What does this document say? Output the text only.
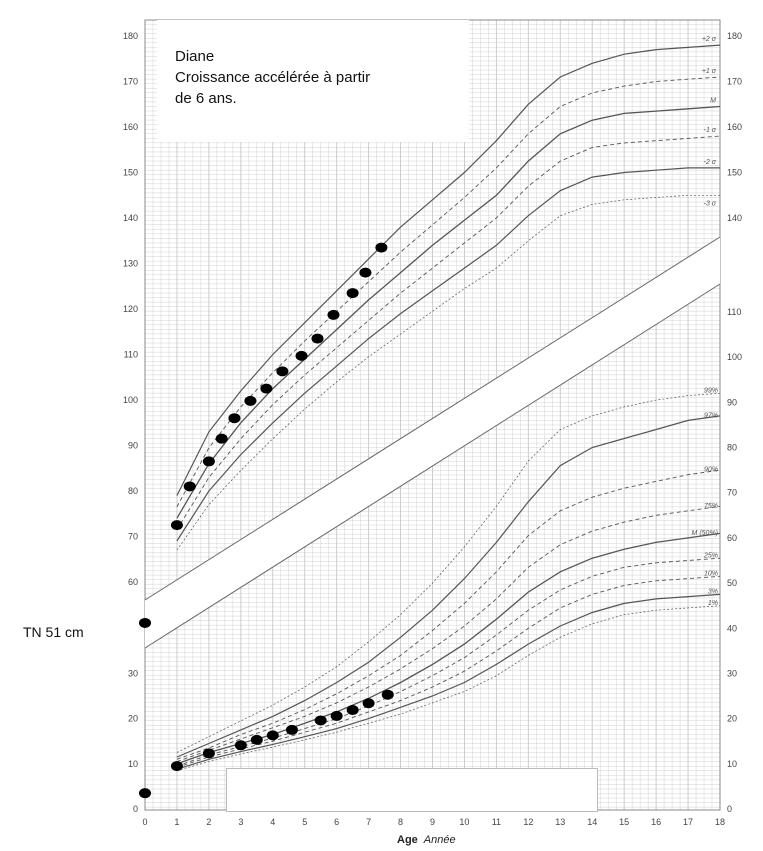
0	1	2	3	4	5	6	7	8	9	10 11 12 13 14 15 16 17 18
60
70
80
90
100
110
120
130
140
150
160
170
180
140
150
160
170
180
0
10
20
30
0
10
20
30
40
50
60
70
80
90
100
110
+2 σ
+1 σ
M
-1 σ
-2 σ
-3 σ
99%
97%
90%
75%
M (50%)
25%
10%
3%
1%
Diane
Croissance accélérée à partir
de 6 ans.
TN 51 cm
Age Année
